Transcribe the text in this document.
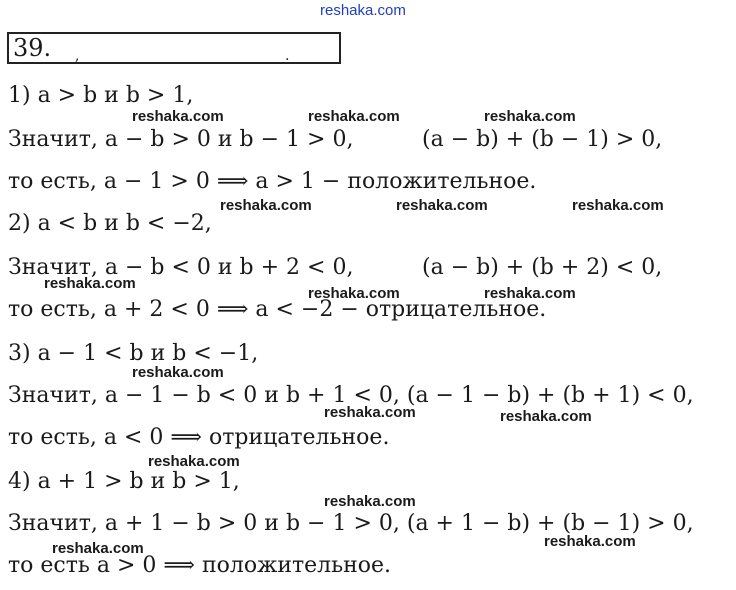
reshaka.com
reshaka.com	reshaka.com	reshaka.com
reshaka.com	reshaka.com	reshaka.com
reshaka.com
reshaka.com	reshaka.com
reshaka.com
reshaka.com	reshaka.com
reshaka.com
reshaka.com
reshaka.com	reshaka.com
39. ,	.
1) a > b и b > 1,
Значит, a − b > 0 и b − 1 > 0,	(a − b) + (b − 1) > 0,
то есть, a − 1 > 0 ⟹ a > 1 − положительное.
2) a < b и b < −2,
Значит, a − b < 0 и b + 2 < 0,	(a − b) + (b + 2) < 0,
то есть, a + 2 < 0 ⟹ a < −2 − отрицательное.
3) a − 1 < b и b < −1,
Значит, a − 1 − b < 0 и b + 1 < 0, (a − 1 − b) + (b + 1) < 0,
то есть, a < 0 ⟹ отрицательное.
4) a + 1 > b и b > 1,
Значит, a + 1 − b > 0 и b − 1 > 0, (a + 1 − b) + (b − 1) > 0,
то есть a > 0 ⟹ положительное.
